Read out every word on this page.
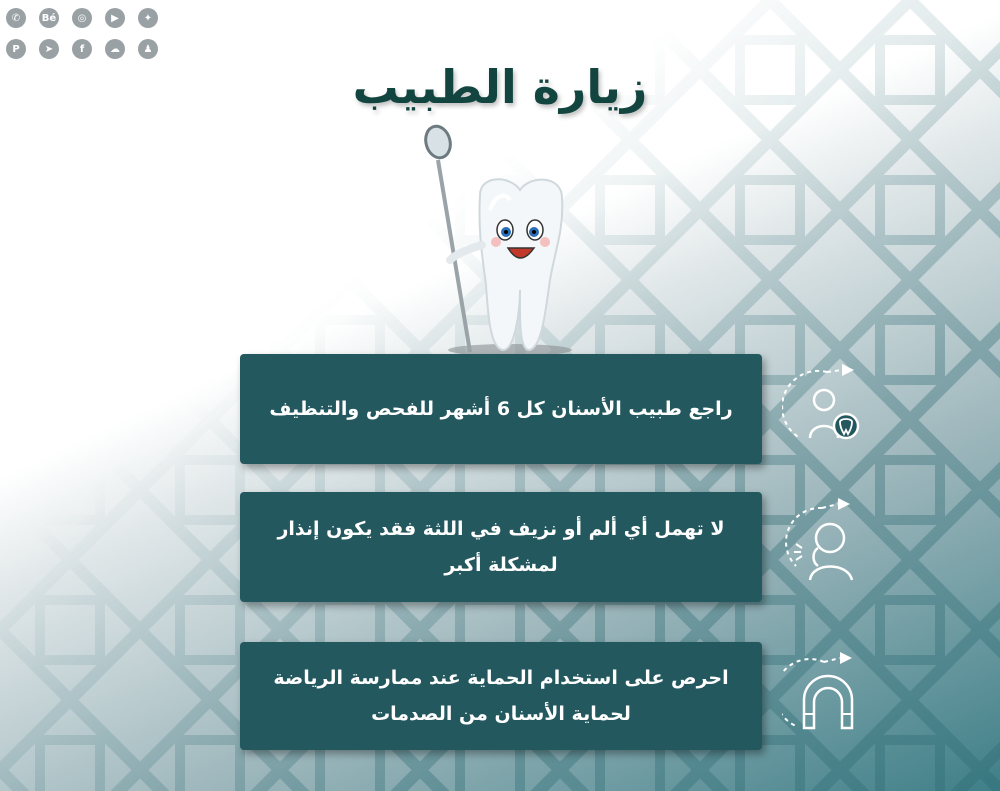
✆	Bé	◎	▶	✦
P	➤	f	☁	♟
زيارة الطبيب
راجع طبيب الأسنان كل 6 أشهر للفحص والتنظيف
لا تهمل أي ألم أو نزيف في اللثة فقد يكون إنذار لمشكلة أكبر
احرص على استخدام الحماية عند ممارسة الرياضة لحماية الأسنان من الصدمات
